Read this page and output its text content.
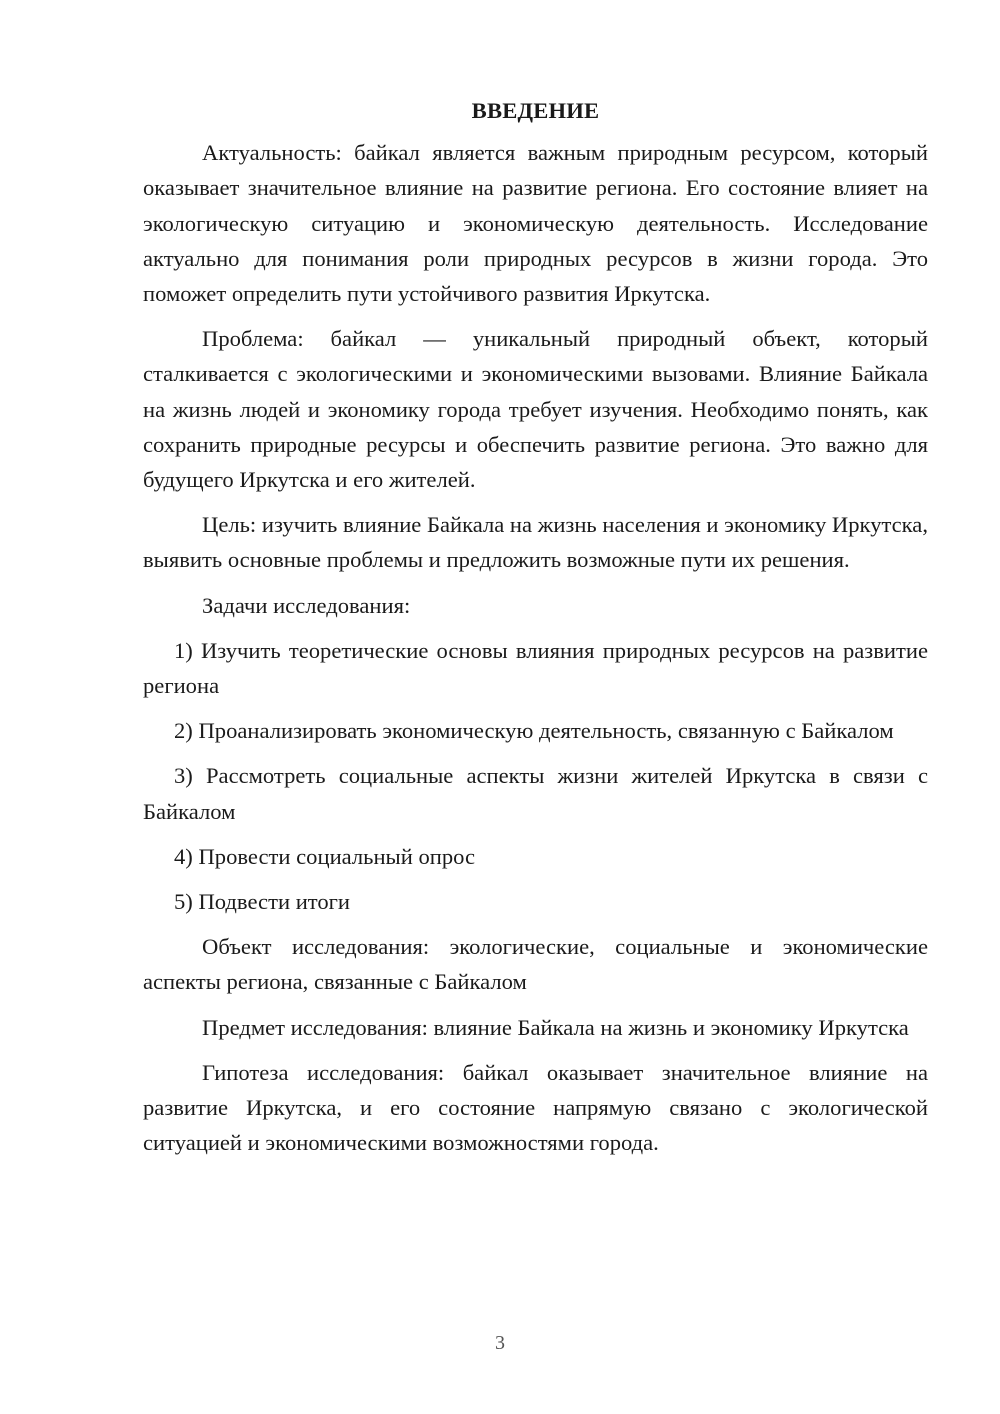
ВВЕДЕНИЕ

Актуальность: байкал является важным природным ресурсом, который оказывает значительное влияние на развитие региона. Его состояние влияет на экологическую ситуацию и экономическую деятельность. Исследование актуально для понимания роли природных ресурсов в жизни города. Это поможет определить пути устойчивого развития Иркутска.

Проблема: байкал — уникальный природный объект, который сталкивается с экологическими и экономическими вызовами. Влияние Байкала на жизнь людей и экономику города требует изучения. Необходимо понять, как сохранить природные ресурсы и обеспечить развитие региона. Это важно для будущего Иркутска и его жителей.

Цель: изучить влияние Байкала на жизнь населения и экономику Иркутска, выявить основные проблемы и предложить возможные пути их решения.

Задачи исследования:

1) Изучить теоретические основы влияния природных ресурсов на развитие региона

2) Проанализировать экономическую деятельность, связанную с Байкалом

3) Рассмотреть социальные аспекты жизни жителей Иркутска в связи с Байкалом

4) Провести социальный опрос

5) Подвести итоги

Объект исследования: экологические, социальные и экономические аспекты региона, связанные с Байкалом

Предмет исследования: влияние Байкала на жизнь и экономику Иркутска

Гипотеза исследования: байкал оказывает значительное влияние на развитие Иркутска, и его состояние напрямую связано с экологической ситуацией и экономическими возможностями города.

3
